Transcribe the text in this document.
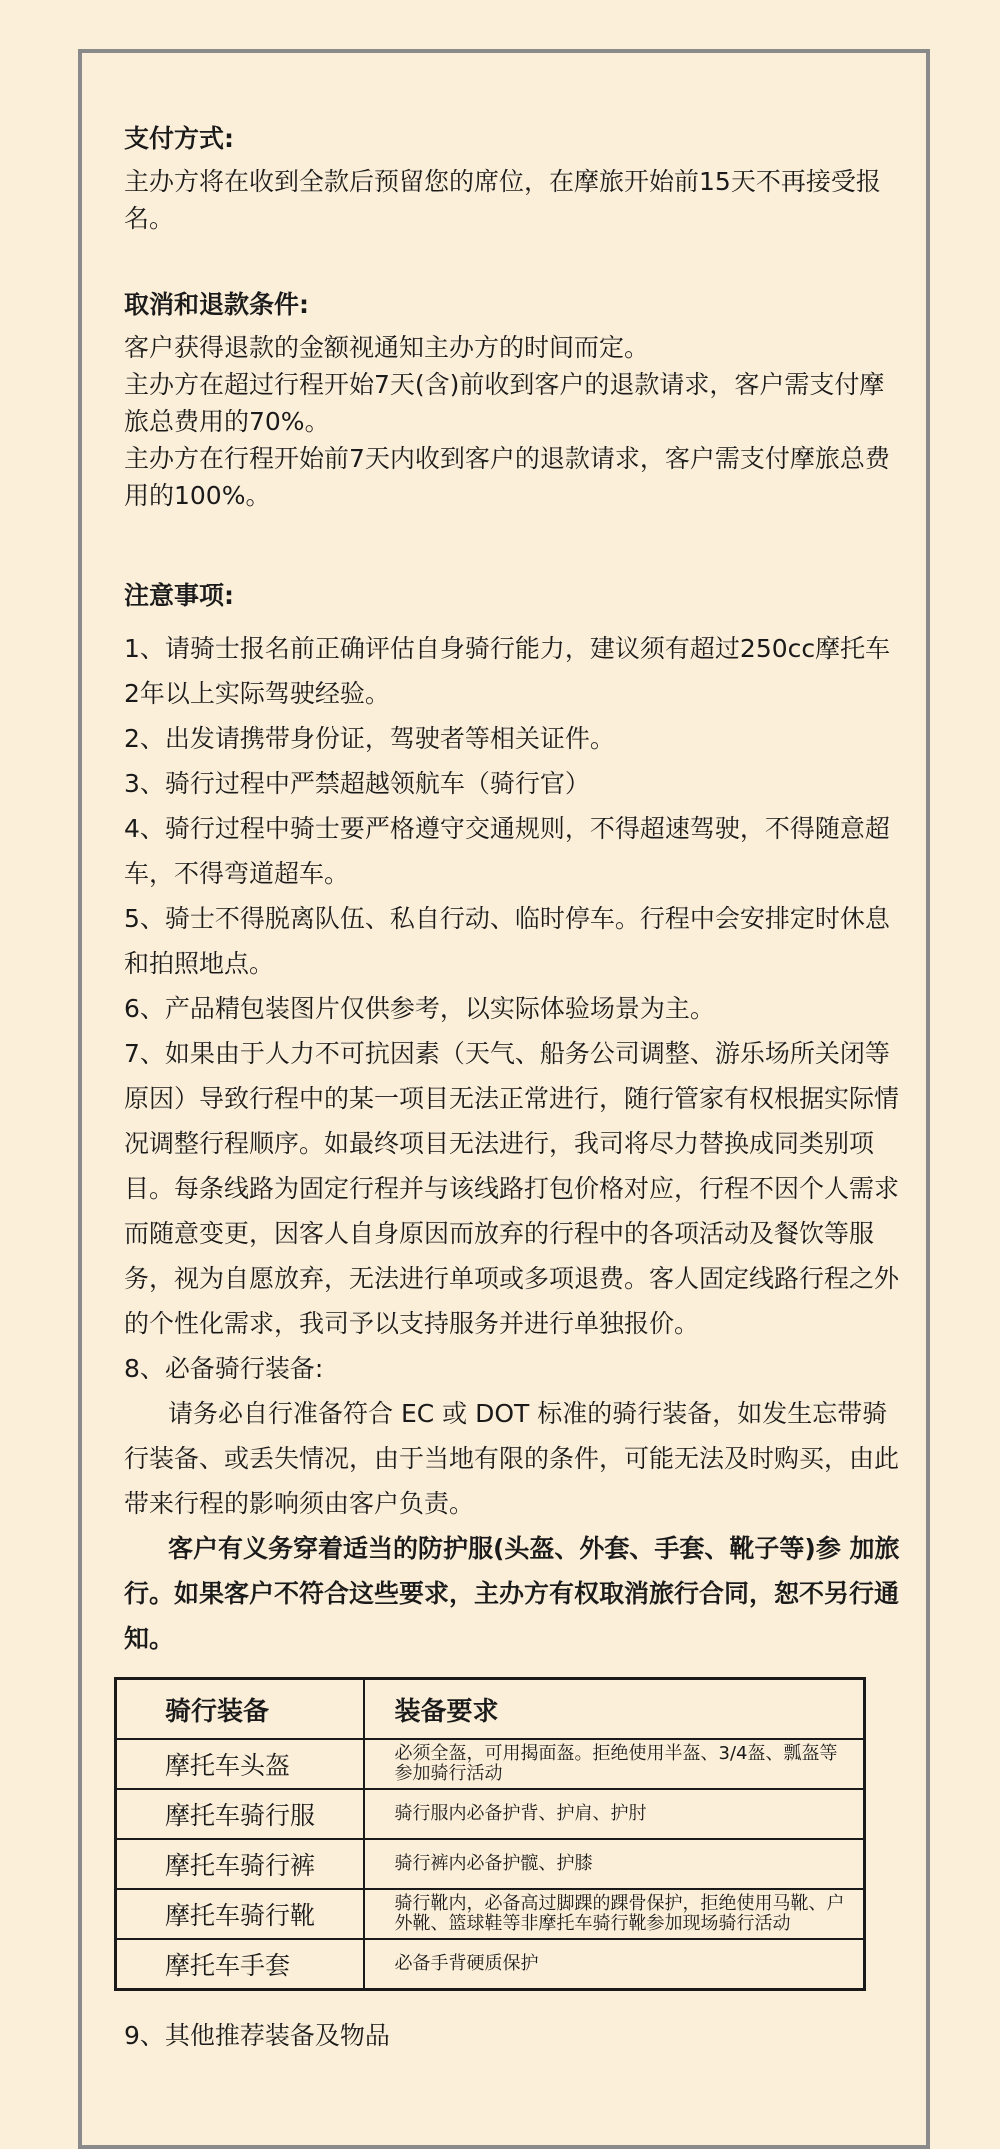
支付方式:

主办方将在收到全款后预留您的席位，在摩旅开始前15天不再接受报名。

取消和退款条件:

客户获得退款的金额视通知主办方的时间而定。

主办方在超过行程开始7天(含)前收到客户的退款请求，客户需支付摩旅总费用的70%。

主办方在行程开始前7天内收到客户的退款请求，客户需支付摩旅总费用的100%。

注意事项:

1、请骑士报名前正确评估自身骑行能力，建议须有超过250cc摩托车2年以上实际驾驶经验。

2、出发请携带身份证，驾驶者等相关证件。

3、骑行过程中严禁超越领航车（骑行官）

4、骑行过程中骑士要严格遵守交通规则，不得超速驾驶，不得随意超车，不得弯道超车。

5、骑士不得脱离队伍、私自行动、临时停车。行程中会安排定时休息和拍照地点。

6、产品精包装图片仅供参考，以实际体验场景为主。

7、如果由于人力不可抗因素（天气、船务公司调整、游乐场所关闭等原因）导致行程中的某一项目无法正常进行，随行管家有权根据实际情况调整行程顺序。如最终项目无法进行，我司将尽力替换成同类别项目。每条线路为固定行程并与该线路打包价格对应，行程不因个人需求而随意变更，因客人自身原因而放弃的行程中的各项活动及餐饮等服务，视为自愿放弃，无法进行单项或多项退费。客人固定线路行程之外的个性化需求，我司予以支持服务并进行单独报价。

8、必备骑行装备:

请务必自行准备符合 EC 或 DOT 标准的骑行装备，如发生忘带骑行装备、或丢失情况，由于当地有限的条件，可能无法及时购买，由此带来行程的影响须由客户负责。

客户有义务穿着适当的防护服(头盔、外套、手套、靴子等)参 加旅行。如果客户不符合这些要求，主办方有权取消旅行合同，恕不另行通知。

骑行装备	装备要求
摩托车头盔	必须全盔，可用揭面盔。拒绝使用半盔、3/4盔、瓢盔等参加骑行活动
摩托车骑行服	骑行服内必备护背、护肩、护肘
摩托车骑行裤	骑行裤内必备护髋、护膝
摩托车骑行靴	骑行靴内，必备高过脚踝的踝骨保护，拒绝使用马靴、户外靴、篮球鞋等非摩托车骑行靴参加现场骑行活动
摩托车手套	必备手背硬质保护

9、其他推荐装备及物品
